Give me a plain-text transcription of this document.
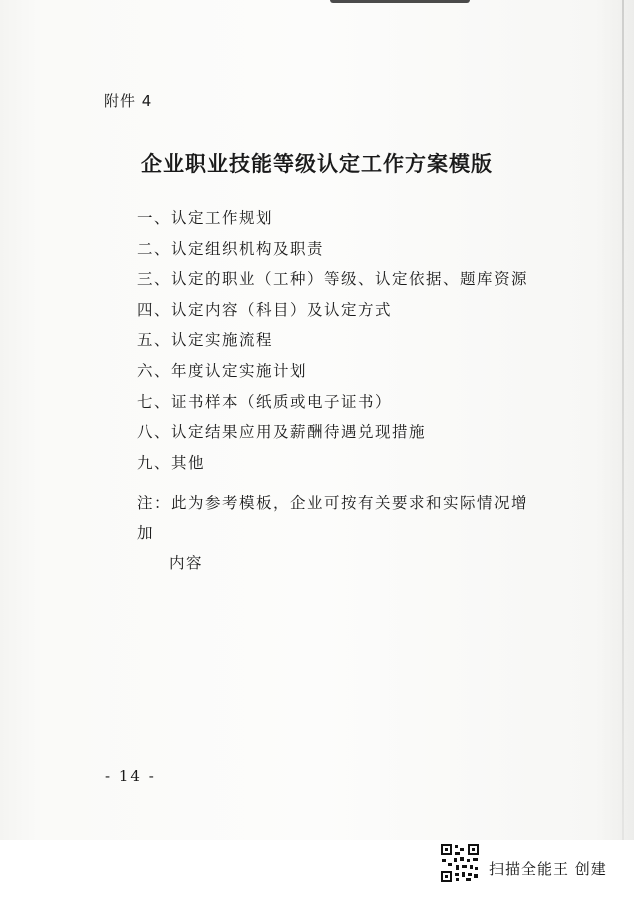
附件 4
企业职业技能等级认定工作方案模版
一、认定工作规划
二、认定组织机构及职责
三、认定的职业（工种）等级、认定依据、题库资源
四、认定内容（科目）及认定方式
五、认定实施流程
六、年度认定实施计划
七、证书样本（纸质或电子证书）
八、认定结果应用及薪酬待遇兑现措施
九、其他
注：此为参考模板，企业可按有关要求和实际情况增加
内容
- 14 -
扫描全能王 创建
